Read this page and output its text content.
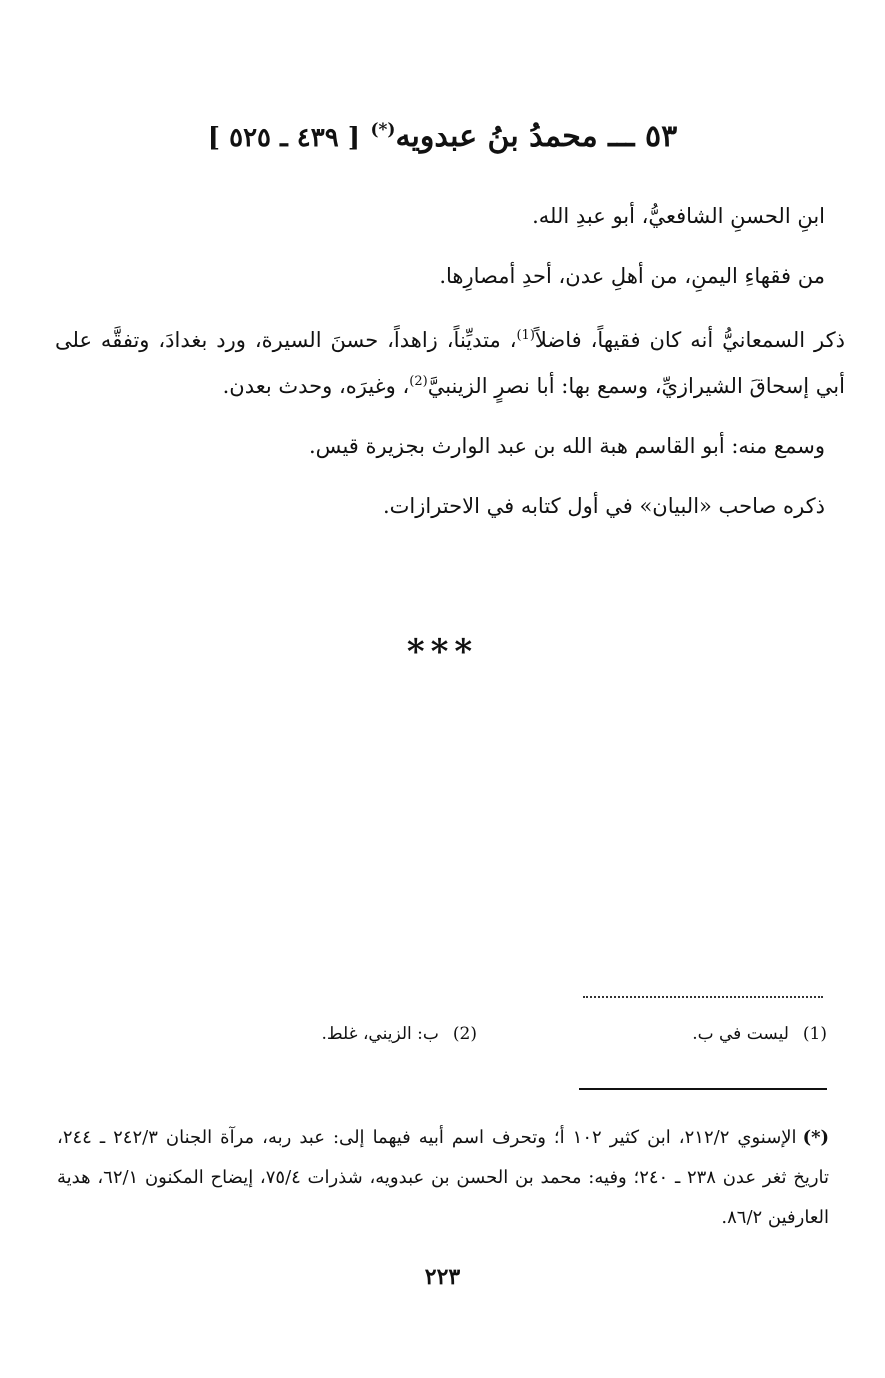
٥٣ ـــ محمدُ بنُ عبدويه(*) [ ٤٣٩ ـ ٥٢٥ ]

ابنِ الحسنِ الشافعيُّ، أبو عبدِ الله.

من فقهاءِ اليمنِ، من أهلِ عدن، أحدِ أمصارِها.

ذكر السمعانيُّ أنه كان فقيهاً، فاضلاً$^{(1)}$، متديِّناً، زاهداً، حسنَ السيرة، ورد بغدادَ، وتفقَّه على أبي إسحاقَ الشيرازيِّ، وسمع بها: أبا نصرٍ الزينبيَّ$^{(2)}$، وغيرَه، وحدث بعدن.

وسمع منه: أبو القاسم هبة الله بن عبد الوارث بجزيرة قيس.

ذكره صاحب «البيان» في أول كتابه في الاحترازات.

***
(1)ليست في ب.
(2)ب: الزيني، غلط.
(*)الإسنوي ٢١٢/٢، ابن كثير ١٠٢ أ؛ وتحرف اسم أبيه فيهما إلى: عبد ربه، مرآة الجنان ٢٤٢/٣ ـ ٢٤٤، تاريخ ثغر عدن ٢٣٨ ـ ٢٤٠؛ وفيه: محمد بن الحسن بن عبدويه، شذرات ٧٥/٤، إيضاح المكنون ٦٢/١، هدية العارفين ٨٦/٢.
٢٢٣
